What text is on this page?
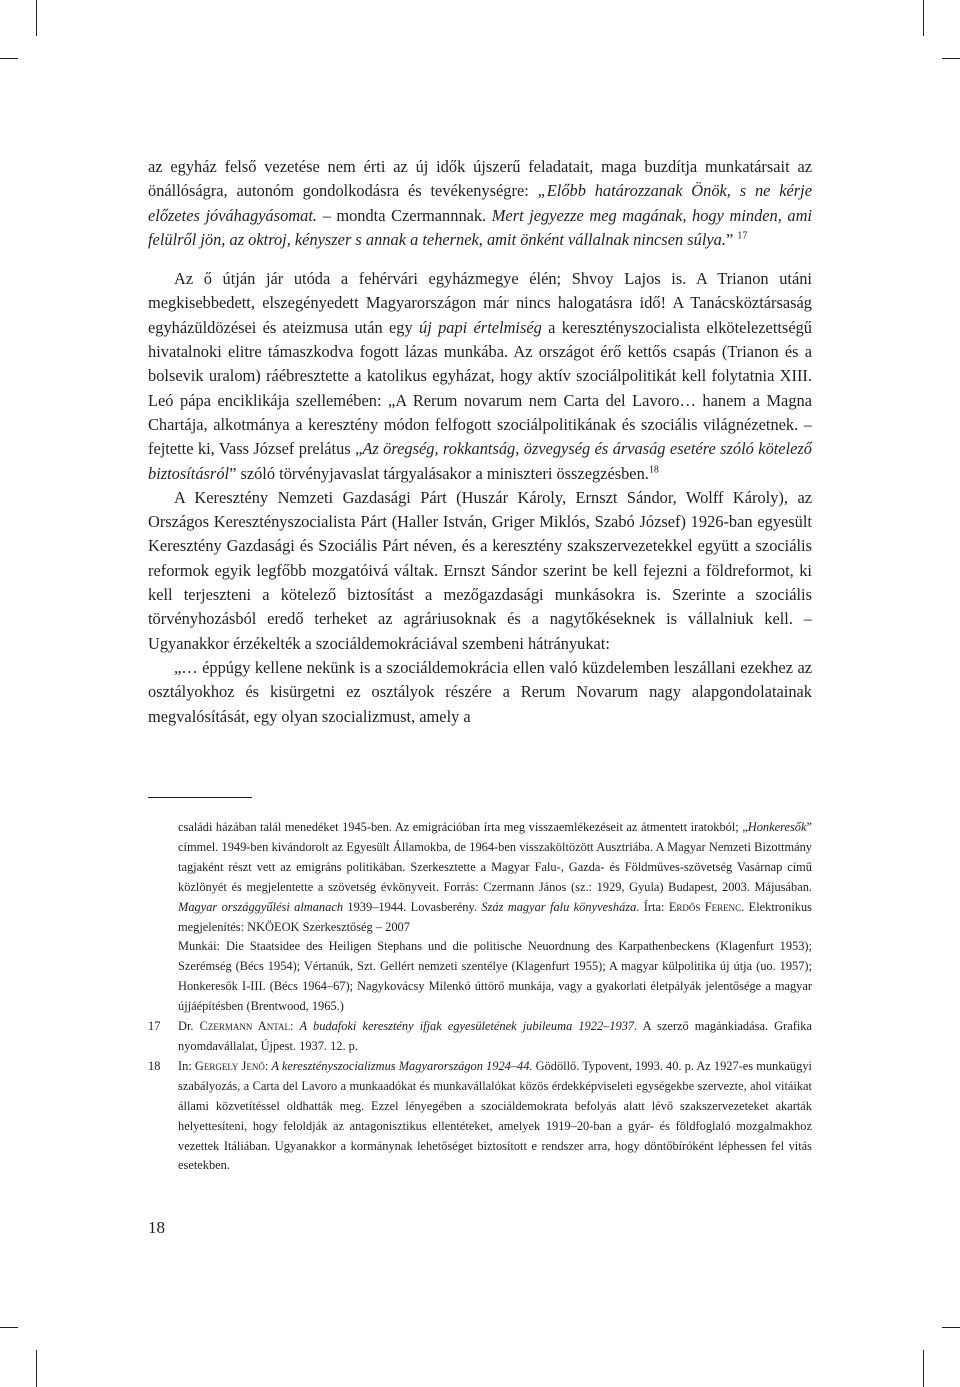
az egyház felső vezetése nem érti az új idők újszerű feladatait, maga buzdítja munkatársait az önállóságra, autonóm gondolkodásra és tevékenységre: „Előbb határozzanak Önök, s ne kérje előzetes jóváhagyásomat. – mondta Czermannnak. Mert jegyezze meg magának, hogy minden, ami felülről jön, az oktroj, kényszer s annak a tehernek, amit önként vállalnak nincsen súlya.” $^{17}$

Az ő útján jár utóda a fehérvári egyházmegye élén; Shvoy Lajos is. A Trianon utáni megkisebbedett, elszegényedett Magyarországon már nincs halogatásra idő! A Tanácsköztársaság egyházüldözései és ateizmusa után egy új papi értelmiség a keresztényszocialista elkötelezettségű hivatalnoki elitre támaszkodva fogott lázas munkába. Az országot érő kettős csapás (Trianon és a bolsevik uralom) ráébresztette a katolikus egyházat, hogy aktív szociálpolitikát kell folytatnia XIII. Leó pápa enciklikája szellemében: „A Rerum novarum nem Carta del Lavoro… hanem a Magna Chartája, alkotmánya a keresztény módon felfogott szociálpolitikának és szociális világnézetnek. – fejtette ki, Vass József prelátus „Az öregség, rokkantság, özvegység és árvaság esetére szóló kötelező biztosításról” szóló törvényjavaslat tárgyalásakor a miniszteri összegzésben.$^{18}$

A Keresztény Nemzeti Gazdasági Párt (Huszár Károly, Ernszt Sándor, Wolff Károly), az Országos Keresztényszocialista Párt (Haller István, Griger Miklós, Szabó József) 1926-ban egyesült Keresztény Gazdasági és Szociális Párt néven, és a keresztény szakszervezetekkel együtt a szociális reformok egyik legfőbb mozgatóivá váltak. Ernszt Sándor szerint be kell fejezni a földreformot, ki kell terjeszteni a kötelező biztosítást a mezőgazdasági munkásokra is. Szerinte a szociális törvényhozásból eredő terheket az agráriusoknak és a nagytőkéseknek is vállalniuk kell. – Ugyanakkor érzékelték a szociáldemokráciával szembeni hátrányukat:

„… éppúgy kellene nekünk is a szociáldemokrácia ellen való küzdelemben leszállani ezekhez az osztályokhoz és kisürgetni ez osztályok részére a Rerum Novarum nagy alapgondolatainak megvalósítását, egy olyan szocializmust, amely a

családi házában talál menedéket 1945-ben. Az emigrációban írta meg visszaemlékezéseit az átmentett iratokból; „Honkeresők” címmel. 1949-ben kivándorolt az Egyesült Államokba, de 1964-ben visszaköltözött Ausztriába. A Magyar Nemzeti Bizottmány tagjaként részt vett az emigráns politikában. Szerkesztette a Magyar Falu-, Gazda- és Földműves-szövetség Vasárnap című közlönyét és megjelentette a szövetség évkönyveit. Forrás: Czermann János (sz.: 1929, Gyula) Budapest, 2003. Májusában. Magyar országgyűlési almanach 1939–1944. Lovasberény. Száz magyar falu könyvesháza. Írta: Erdős Ferenc. Elektronikus megjelenítés: NKÖEOK Szerkesztőség – 2007

Munkái: Die Staatsidee des Heiligen Stephans und die politische Neuordnung des Karpathenbeckens (Klagenfurt 1953); Szerémség (Bécs 1954); Vértanúk, Szt. Gellért nemzeti szentélye (Klagenfurt 1955); A magyar külpolitika új útja (uo. 1957); Honkeresők I-III. (Bécs 1964–67); Nagykovácsy Milenkó úttörő munkája, vagy a gyakorlati életpályák jelentősége a magyar újjáépítésben (Brentwood, 1965.)

17 Dr. Czermann Antal: A budafoki keresztény ifjak egyesületének jubileuma 1922–1937. A szerző magánkiadása. Grafika nyomdavállalat, Újpest. 1937. 12. p.

18 In: Gergely Jenő: A keresztényszocializmus Magyarországon 1924–44. Gödöllő. Typovent, 1993. 40. p. Az 1927-es munkaügyi szabályozás, a Carta del Lavoro a munkaadókat és munkavállalókat közös érdekképviseleti egységekbe szervezte, ahol vitáikat állami közvetítéssel oldhatták meg. Ezzel lényegében a szociáldemokrata befolyás alatt lévő szakszervezeteket akarták helyettesíteni, hogy feloldják az antagonisztikus ellentéteket, amelyek 1919–20-ban a gyár- és földfoglaló mozgalmakhoz vezettek Itáliában. Ugyanakkor a kormánynak lehetőséget biztosított e rendszer arra, hogy döntőbíróként léphessen fel vitás esetekben.

18
